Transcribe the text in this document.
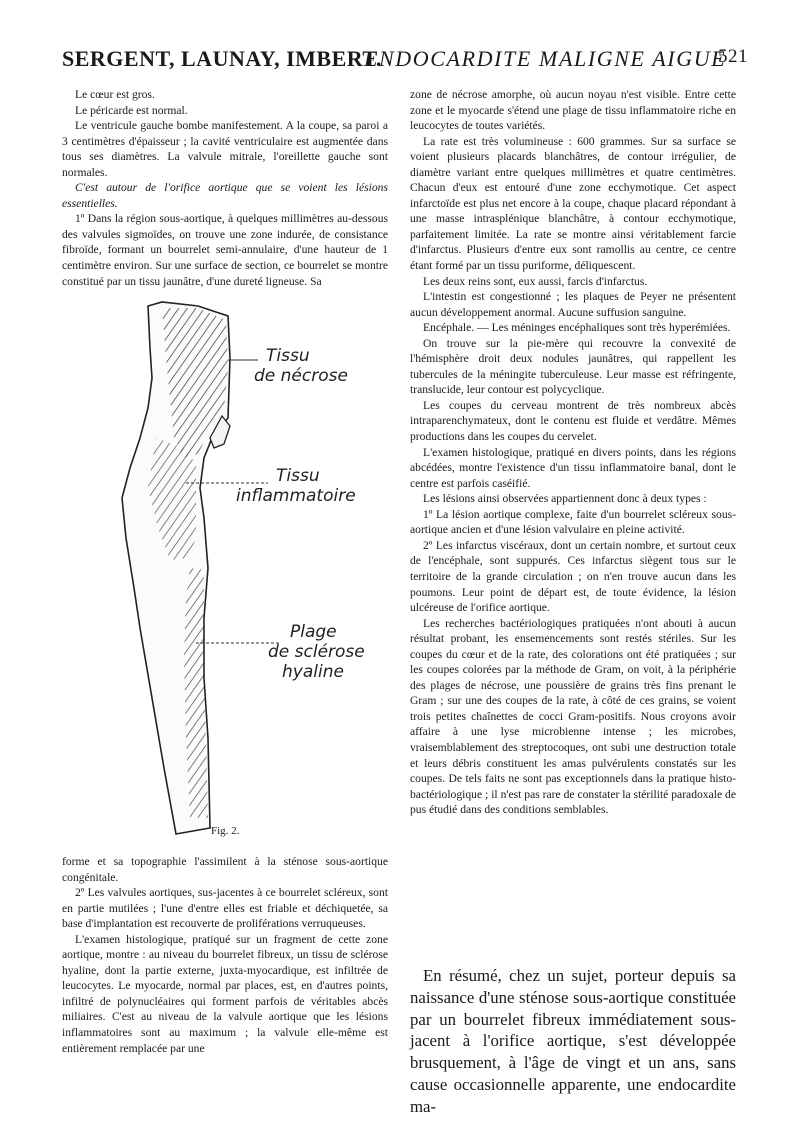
SERGENT, LAUNAY, IMBERT.
ENDOCARDITE MALIGNE AIGUE
521

Le cœur est gros.

Le péricarde est normal.

Le ventricule gauche bombe manifestement. A la coupe, sa paroi a 3 centimètres d'épaisseur ; la cavité ventriculaire est augmentée dans tous ses diamètres. La valvule mitrale, l'oreillette gauche sont normales.

C'est autour de l'orifice aortique que se voient les lésions essentielles.

1º Dans la région sous-aortique, à quelques millimètres au-dessous des valvules sigmoïdes, on trouve une zone indurée, de consistance fibroïde, formant un bourrelet semi-annulaire, d'une hauteur de 1 centimètre environ. Sur une surface de section, ce bourrelet se montre constitué par un tissu jaunâtre, d'une dureté ligneuse. Sa

Tissu
de nécrose
Tissu
inflammatoire
Plage
de sclérose
hyaline
Fig. 2.

forme et sa topographie l'assimilent à la sténose sous-aortique congénitale.

2º Les valvules aortiques, sus-jacentes à ce bourrelet scléreux, sont en partie mutilées ; l'une d'entre elles est friable et déchiquetée, sa base d'implantation est recouverte de proliférations verruqueuses.

L'examen histologique, pratiqué sur un fragment de cette zone aortique, montre : au niveau du bourrelet fibreux, un tissu de sclérose hyaline, dont la partie externe, juxta-myocardique, est infiltrée de leucocytes. Le myocarde, normal par places, est, en d'autres points, infiltré de polynucléaires qui forment parfois de véritables abcès miliaires. C'est au niveau de la valvule aortique que les lésions inflammatoires sont au maximum ; la valvule elle-même est entièrement remplacée par une

zone de nécrose amorphe, où aucun noyau n'est visible. Entre cette zone et le myocarde s'étend une plage de tissu inflammatoire riche en leucocytes de toutes variétés.

La rate est très volumineuse : 600 grammes. Sur sa surface se voient plusieurs placards blanchâtres, de contour irrégulier, de diamètre variant entre quelques millimètres et quatre centimètres. Chacun d'eux est entouré d'une zone ecchymotique. Cet aspect infarctoïde est plus net encore à la coupe, chaque placard répondant à une masse intrasplénique blanchâtre, à contour ecchymotique, parfaitement limitée. La rate se montre ainsi véritablement farcie d'infarctus. Plusieurs d'entre eux sont ramollis au centre, ce centre étant formé par un tissu puriforme, déliquescent.

Les deux reins sont, eux aussi, farcis d'infarctus.

L'intestin est congestionné ; les plaques de Peyer ne présentent aucun développement anormal. Aucune suffusion sanguine.

Encéphale. — Les méninges encéphaliques sont très hyperémiées.

On trouve sur la pie-mère qui recouvre la convexité de l'hémisphère droit deux nodules jaunâtres, qui rappellent les tubercules de la méningite tuberculeuse. Leur masse est réfringente, translucide, leur contour est polycyclique.

Les coupes du cerveau montrent de très nombreux abcès intraparenchymateux, dont le contenu est fluide et verdâtre. Mêmes productions dans les coupes du cervelet.

L'examen histologique, pratiqué en divers points, dans les régions abcédées, montre l'existence d'un tissu inflammatoire banal, dont le centre est parfois caséifié.

Les lésions ainsi observées appartiennent donc à deux types :

1º La lésion aortique complexe, faite d'un bourrelet scléreux sous-aortique ancien et d'une lésion valvulaire en pleine activité.

2º Les infarctus viscéraux, dont un certain nombre, et surtout ceux de l'encéphale, sont suppurés. Ces infarctus siègent tous sur le territoire de la grande circulation ; on n'en trouve aucun dans les poumons. Leur point de départ est, de toute évidence, la lésion ulcéreuse de l'orifice aortique.

Les recherches bactériologiques pratiquées n'ont abouti à aucun résultat probant, les ensemencements sont restés stériles. Sur les coupes du cœur et de la rate, des colorations ont été pratiquées ; sur les coupes colorées par la méthode de Gram, on voit, à la périphérie des plages de nécrose, une poussière de grains très fins prenant le Gram ; sur une des coupes de la rate, à côté de ces grains, se voient trois petites chaînettes de cocci Gram-positifs. Nous croyons avoir affaire à une lyse microbienne intense ; les microbes, vraisemblablement des streptocoques, ont subi une destruction totale et leurs débris constituent les amas pulvérulents constatés sur les coupes. De tels faits ne sont pas exceptionnels dans la pratique histo-bactériologique ; il n'est pas rare de constater la stérilité paradoxale de pus étudié dans des conditions semblables.

En résumé, chez un sujet, porteur depuis sa naissance d'une sténose sous-aortique constituée par un bourrelet fibreux immédiatement sous-jacent à l'orifice aortique, s'est développée brusquement, à l'âge de vingt et un ans, sans cause occasionnelle apparente, une endocardite ma-
